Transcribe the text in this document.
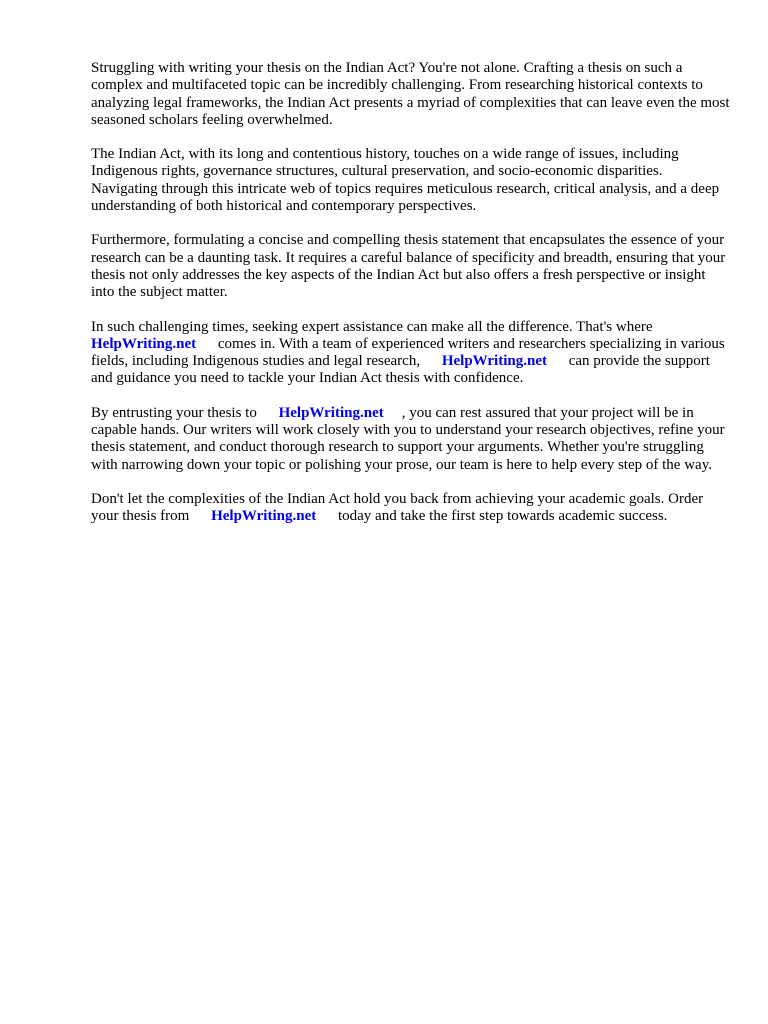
Struggling with writing your thesis on the Indian Act? You're not alone. Crafting a thesis on such a complex and multifaceted topic can be incredibly challenging. From researching historical contexts to analyzing legal frameworks, the Indian Act presents a myriad of complexities that can leave even the most seasoned scholars feeling overwhelmed.

The Indian Act, with its long and contentious history, touches on a wide range of issues, including Indigenous rights, governance structures, cultural preservation, and socio-economic disparities. Navigating through this intricate web of topics requires meticulous research, critical analysis, and a deep understanding of both historical and contemporary perspectives.

Furthermore, formulating a concise and compelling thesis statement that encapsulates the essence of your research can be a daunting task. It requires a careful balance of specificity and breadth, ensuring that your thesis not only addresses the key aspects of the Indian Act but also offers a fresh perspective or insight into the subject matter.

In such challenging times, seeking expert assistance can make all the difference. That's where
HelpWriting.net comes in. With a team of experienced writers and researchers specializing in various fields, including Indigenous studies and legal research, HelpWriting.net can provide the support and guidance you need to tackle your Indian Act thesis with confidence.

By entrusting your thesis to HelpWriting.net , you can rest assured that your project will be in capable hands. Our writers will work closely with you to understand your research objectives, refine your thesis statement, and conduct thorough research to support your arguments. Whether you're struggling with narrowing down your topic or polishing your prose, our team is here to help every step of the way.

Don't let the complexities of the Indian Act hold you back from achieving your academic goals. Order your thesis from HelpWriting.net today and take the first step towards academic success.
